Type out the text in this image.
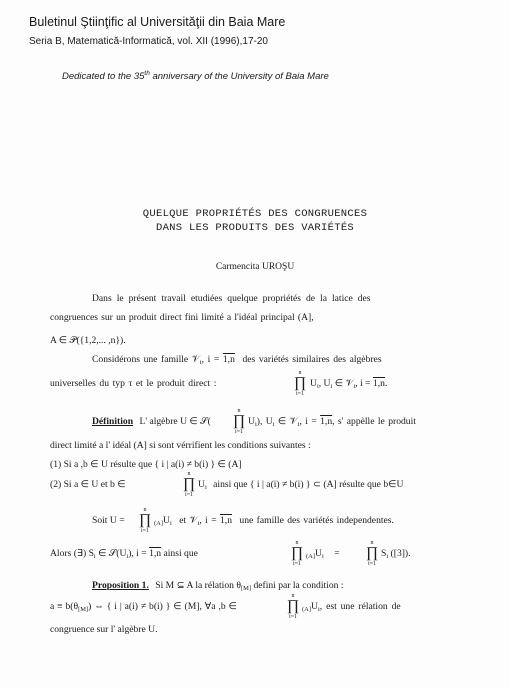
Buletinul Ştiinţific al Universităţii din Baia Mare
Seria B, Matematică-Informatică, vol. XII (1996),17-20
Dedicated to the 35th anniversary of the University of Baia Mare
QUELQUE PROPRIÉTÉS DES CONGRUENCES
DANS LES PRODUITS DES VARIÉTÉS
Carmencita UROŞU
Dans le présent travail etudiées quelque propriétés de la latice des
congruences sur un produit direct fini limité a l'idéal principal (A],
A ∈ 𝒫({1,2,... ,n}).
Considérons une famille 𝒱$_i$, i = 1,n des variétés similaires des algèbres
universelles du typ τ et le produit direct :
n
∏
i=1
$U_i$, $U_i$ ∈ 𝒱$_i$, i = 1,n.
Définition L' algèbre U ∈ 𝒮(
n
∏
i=1
$U_i$), $U_i$ ∈ 𝒱$_i$, i = 1,n, s' appèlle le produit
direct limité a l' idéal (A] si sont vérrifient les conditions suivantes :
(1) Si a ,b ∈ U résulte que { i | a(i) ≠ b(i) } ∈ (A]
(2) Si a ∈ U et b ∈
n
∏
i=1
$U_i$ ainsi que { i | a(i) ≠ b(i) } ⊂ (A] résulte que b∈U
Soit U =
n
∏
i=1
$_{(A]}U_i$ et 𝒱$_i$, i = 1,n une famille des variétés independentes.
Alors (∃) $S_i$ ∈ $𝒮(U_i)$, i = 1,n ainsi que
n
∏
i=1
$_{(A]}U_i$ =
n
∏
i=1
$S_i$ ([3]).
Proposition 1. Si M ⊆ A la rélation $\theta_{[M]}$ defini par la condition :
$a \equiv b(\theta_{[M]})$ ⇔ { i | a(i) ≠ b(i) } ∈ (M], ∀a ,b ∈
n
∏
i=1
$_{(A]}U_i$, est une rélation de
congruence sur l' algèbre U.
